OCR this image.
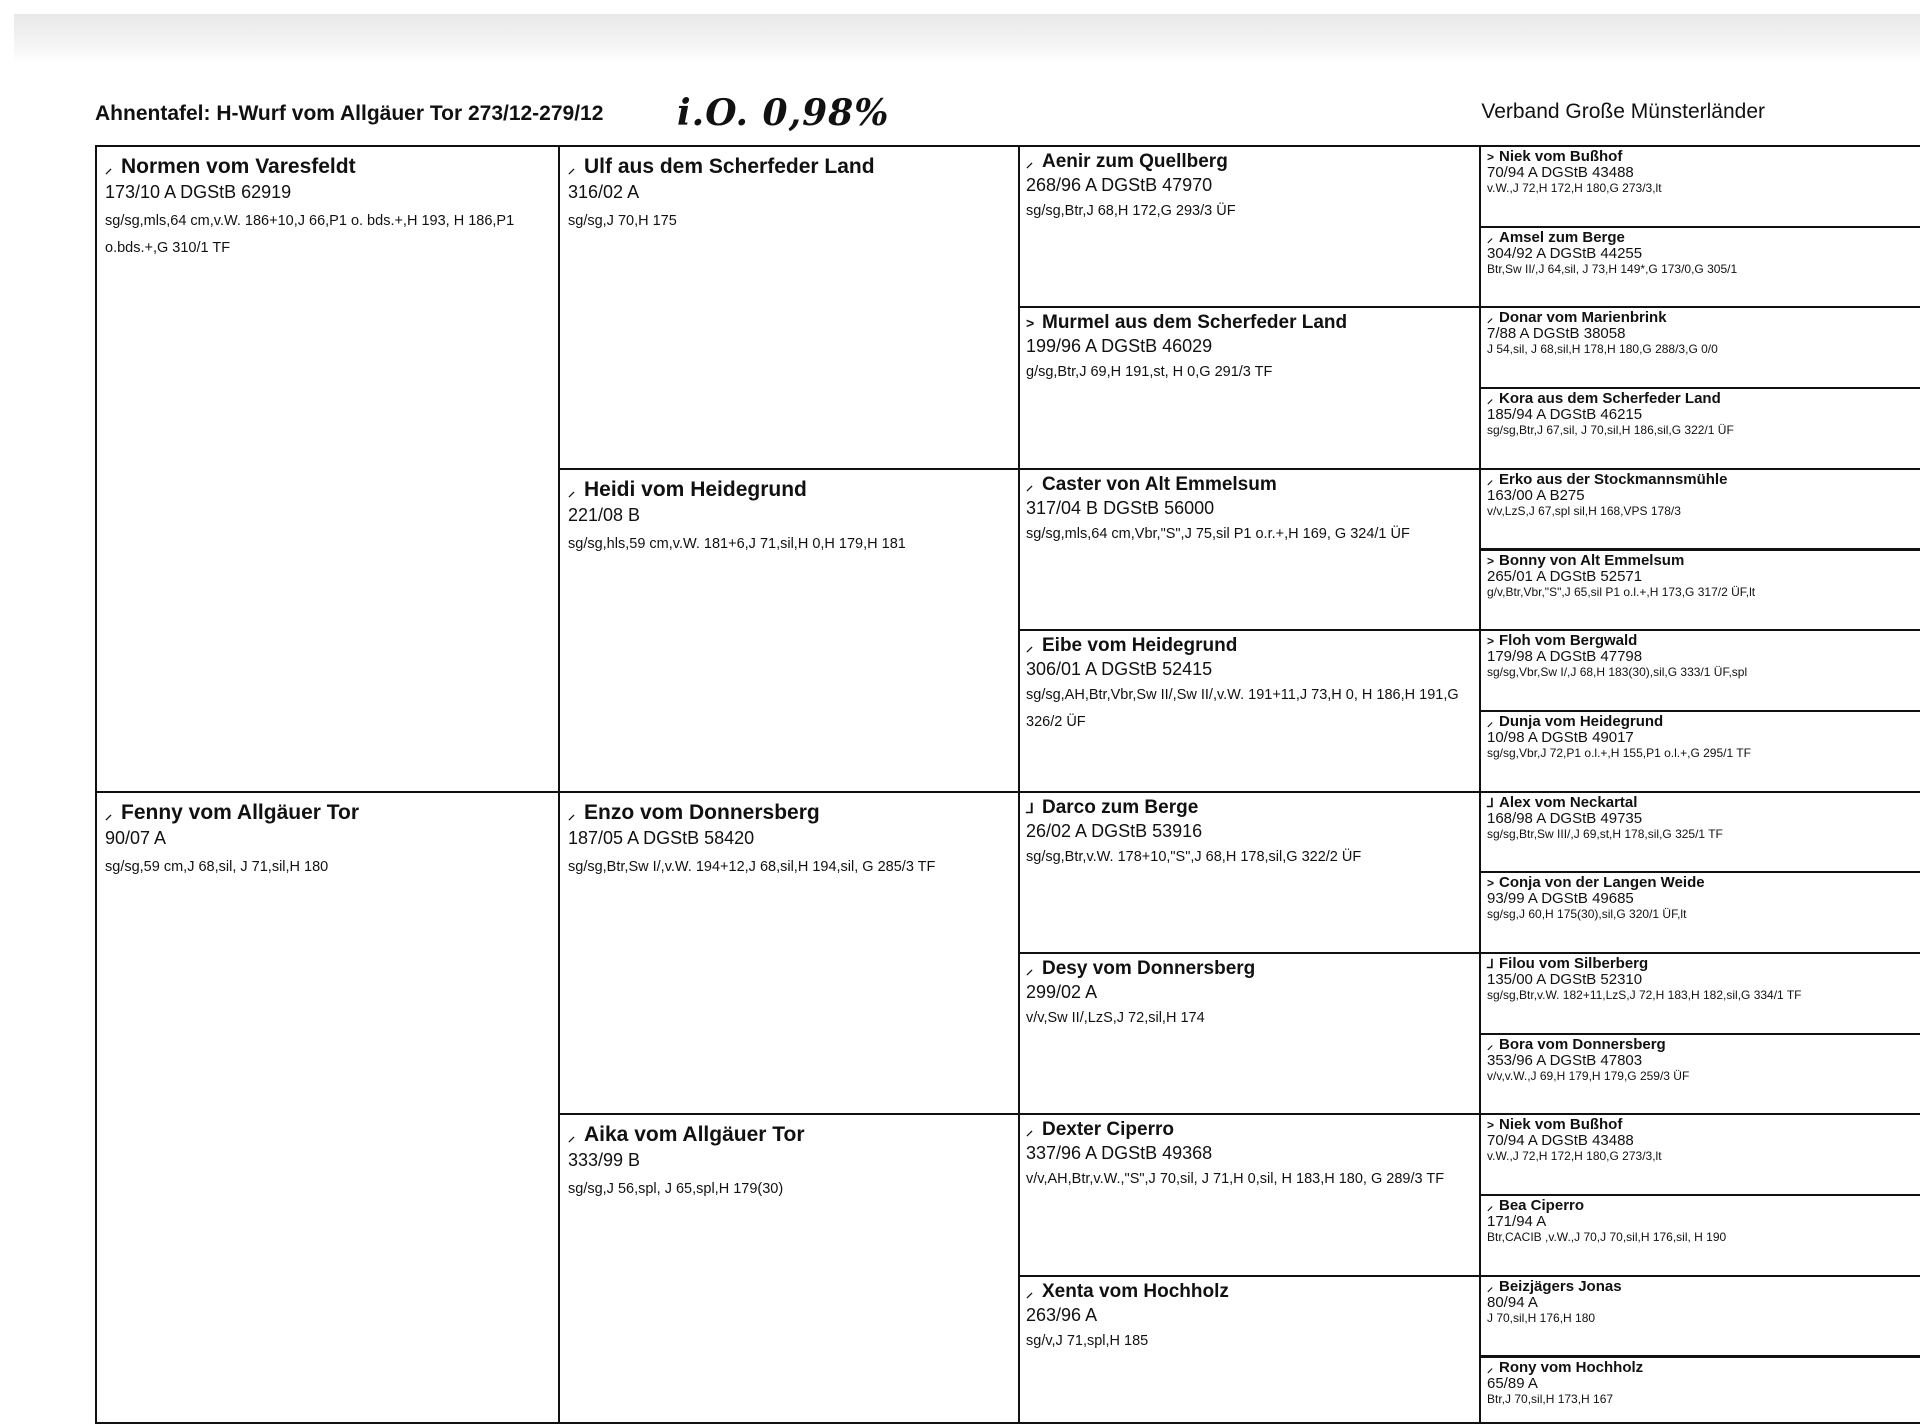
Ahnentafel: H-Wurf vom Allgäuer Tor 273/12-279/12 i.O. 0,98%	Verband Große Münsterländer
⸝ Normen vom Varesfeldt
173/10 A DGStB 62919
sg/sg,mls,64 cm,v.W. 186+10,J 66,P1 o. bds.+,H 193, H 186,P1 o.bds.+,G 310/1 TF
⸝ Fenny vom Allgäuer Tor
90/07 A
sg/sg,59 cm,J 68,sil, J 71,sil,H 180
⸝ Ulf aus dem Scherfeder Land
316/02 A
sg/sg,J 70,H 175
⸝ Heidi vom Heidegrund
221/08 B
sg/sg,hls,59 cm,v.W. 181+6,J 71,sil,H 0,H 179,H 181
⸝ Enzo vom Donnersberg
187/05 A DGStB 58420
sg/sg,Btr,Sw I/,v.W. 194+12,J 68,sil,H 194,sil, G 285/3 TF
⸝ Aika vom Allgäuer Tor
333/99 B
sg/sg,J 56,spl, J 65,spl,H 179(30)
⸝ Aenir zum Quellberg
268/96 A DGStB 47970
sg/sg,Btr,J 68,H 172,G 293/3 ÜF
> Murmel aus dem Scherfeder Land
199/96 A DGStB 46029
g/sg,Btr,J 69,H 191,st, H 0,G 291/3 TF
⸝ Caster von Alt Emmelsum
317/04 B DGStB 56000
sg/sg,mls,64 cm,Vbr,"S",J 75,sil P1 o.r.+,H 169, G 324/1 ÜF
⸝ Eibe vom Heidegrund
306/01 A DGStB 52415
sg/sg,AH,Btr,Vbr,Sw II/,Sw II/,v.W. 191+11,J 73,H 0, H 186,H 191,G 326/2 ÜF
⅃ Darco zum Berge
26/02 A DGStB 53916
sg/sg,Btr,v.W. 178+10,"S",J 68,H 178,sil,G 322/2 ÜF
⸝ Desy vom Donnersberg
299/02 A
v/v,Sw II/,LzS,J 72,sil,H 174
⸝ Dexter Ciperro
337/96 A DGStB 49368
v/v,AH,Btr,v.W.,"S",J 70,sil, J 71,H 0,sil, H 183,H 180, G 289/3 TF
⸝ Xenta vom Hochholz
263/96 A
sg/v,J 71,spl,H 185
> Niek vom Bußhof
70/94 A DGStB 43488
v.W.,J 72,H 172,H 180,G 273/3,lt
⸝ Amsel zum Berge
304/92 A DGStB 44255
Btr,Sw II/,J 64,sil, J 73,H 149*,G 173/0,G 305/1
⸝ Donar vom Marienbrink
7/88 A DGStB 38058
J 54,sil, J 68,sil,H 178,H 180,G 288/3,G 0/0
⸝ Kora aus dem Scherfeder Land
185/94 A DGStB 46215
sg/sg,Btr,J 67,sil, J 70,sil,H 186,sil,G 322/1 ÜF
⸝ Erko aus der Stockmannsmühle
163/00 A B275
v/v,LzS,J 67,spl sil,H 168,VPS 178/3
> Bonny von Alt Emmelsum
265/01 A DGStB 52571
g/v,Btr,Vbr,"S",J 65,sil P1 o.l.+,H 173,G 317/2 ÜF,lt
> Floh vom Bergwald
179/98 A DGStB 47798
sg/sg,Vbr,Sw I/,J 68,H 183(30),sil,G 333/1 ÜF,spl
⸝ Dunja vom Heidegrund
10/98 A DGStB 49017
sg/sg,Vbr,J 72,P1 o.l.+,H 155,P1 o.l.+,G 295/1 TF
⅃ Alex vom Neckartal
168/98 A DGStB 49735
sg/sg,Btr,Sw III/,J 69,st,H 178,sil,G 325/1 TF
> Conja von der Langen Weide
93/99 A DGStB 49685
sg/sg,J 60,H 175(30),sil,G 320/1 ÜF,lt
⅃ Filou vom Silberberg
135/00 A DGStB 52310
sg/sg,Btr,v.W. 182+11,LzS,J 72,H 183,H 182,sil,G 334/1 TF
⸝ Bora vom Donnersberg
353/96 A DGStB 47803
v/v,v.W.,J 69,H 179,H 179,G 259/3 ÜF
> Niek vom Bußhof
70/94 A DGStB 43488
v.W.,J 72,H 172,H 180,G 273/3,lt
⸝ Bea Ciperro
171/94 A
Btr,CACIB ,v.W.,J 70,J 70,sil,H 176,sil, H 190
⸝ Beizjägers Jonas
80/94 A
J 70,sil,H 176,H 180
⸝ Rony vom Hochholz
65/89 A
Btr,J 70,sil,H 173,H 167
